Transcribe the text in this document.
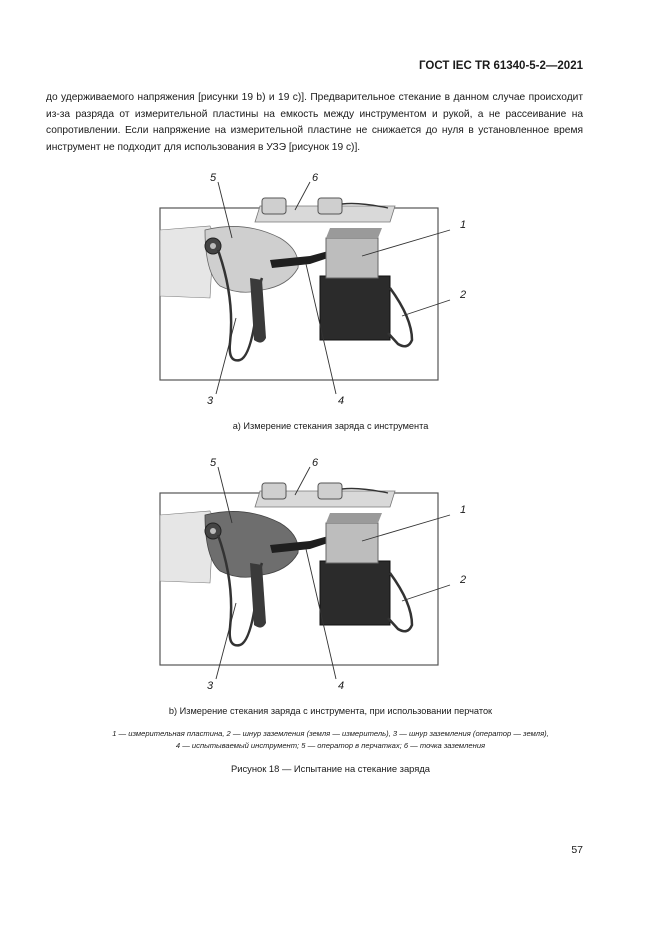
ГОСТ IEC TR 61340-5-2—2021

до удерживаемого напряжения [рисунки 19 b) и 19 c)]. Предварительное стекание в данном случае происходит из-за разряда от измерительной пластины на емкость между инструментом и рукой, а не рассеивание на сопротивлении. Если напряжение на измерительной пластине не снижается до нуля в установленное время инструмент не подходит для использования в УЗЭ [рисунок 19 c)].

5	6
1
2
3	4
a) Измерение стекания заряда с инструмента
5	6
1
2
3	4
b) Измерение стекания заряда с инструмента, при использовании перчаток
1 — измерительная пластина, 2 — шнур заземления (земля — измеритель), 3 — шнур заземления (оператор — земля),
4 — испытываемый инструмент; 5 — оператор в перчатках; 6 — точка заземления
Рисунок 18 — Испытание на стекание заряда
57
